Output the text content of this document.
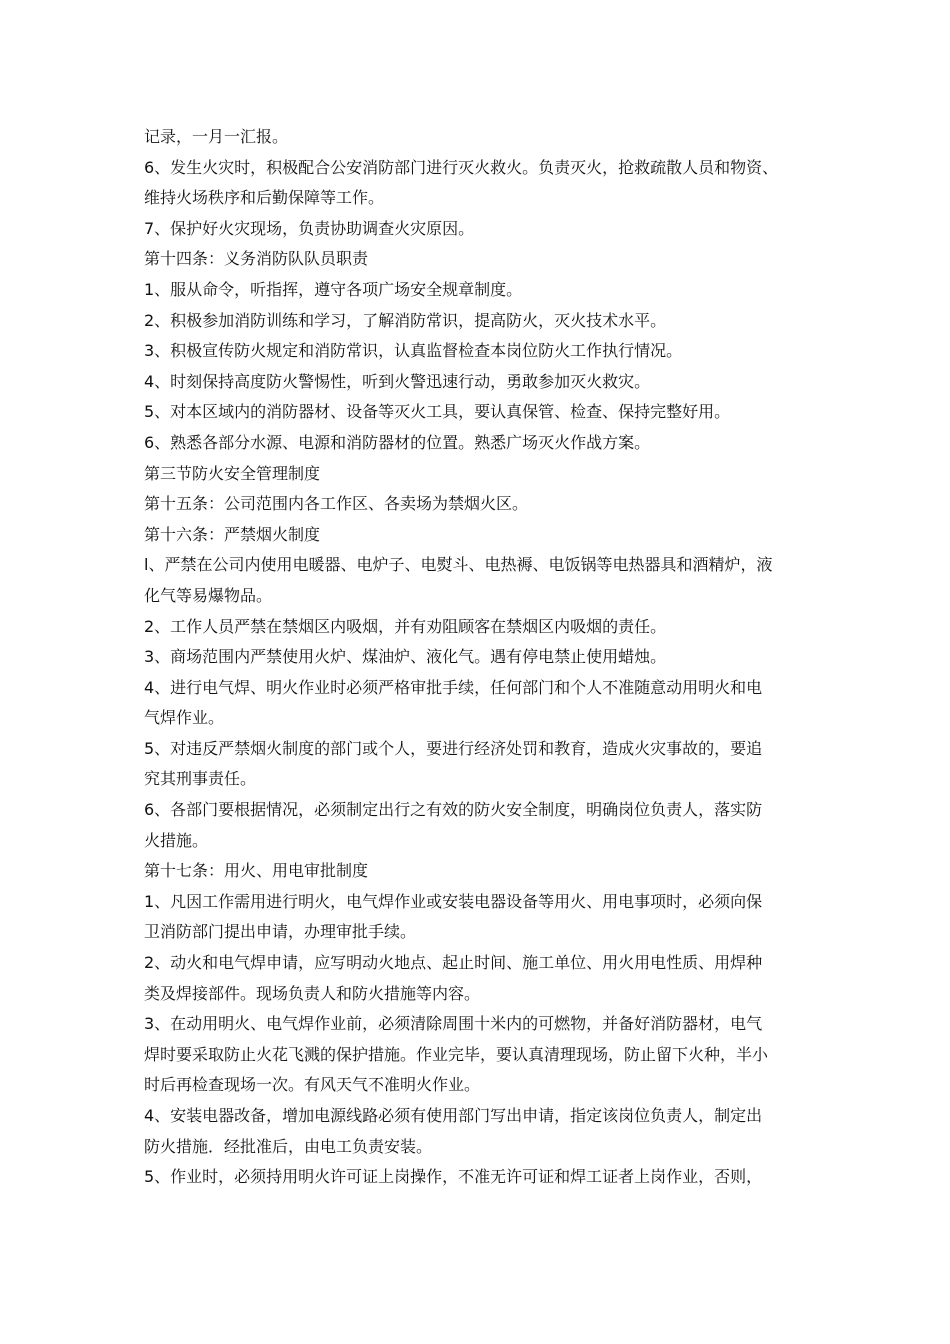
记录，一月一汇报。
6、发生火灾时，积极配合公安消防部门进行灭火救火。负责灭火，抢救疏散人员和物资、
维持火场秩序和后勤保障等工作。
7、保护好火灾现场，负责协助调查火灾原因。
第十四条：义务消防队队员职责
1、服从命令，听指挥，遵守各项广场安全规章制度。
2、积极参加消防训练和学习，了解消防常识，提高防火，灭火技术水平。
3、积极宣传防火规定和消防常识，认真监督检查本岗位防火工作执行情况。
4、时刻保持高度防火警惕性，听到火警迅速行动，勇敢参加灭火救灾。
5、对本区域内的消防器材、设备等灭火工具，要认真保管、检查、保持完整好用。
6、熟悉各部分水源、电源和消防器材的位置。熟悉广场灭火作战方案。
第三节防火安全管理制度
第十五条：公司范围内各工作区、各卖场为禁烟火区。
第十六条：严禁烟火制度
l、严禁在公司内使用电暖器、电炉子、电熨斗、电热褥、电饭锅等电热器具和酒精炉，液
化气等易爆物品。
2、工作人员严禁在禁烟区内吸烟，并有劝阻顾客在禁烟区内吸烟的责任。
3、商场范围内严禁使用火炉、煤油炉、液化气。遇有停电禁止使用蜡烛。
4、进行电气焊、明火作业时必须严格审批手续，任何部门和个人不准随意动用明火和电
气焊作业。
5、对违反严禁烟火制度的部门或个人，要进行经济处罚和教育，造成火灾事故的，要追
究其刑事责任。
6、各部门要根据情况，必须制定出行之有效的防火安全制度，明确岗位负责人，落实防
火措施。
第十七条：用火、用电审批制度
1、凡因工作需用进行明火，电气焊作业或安装电器设备等用火、用电事项时，必须向保
卫消防部门提出申请，办理审批手续。
2、动火和电气焊申请，应写明动火地点、起止时间、施工单位、用火用电性质、用焊种
类及焊接部件。现场负责人和防火措施等内容。
3、在动用明火、电气焊作业前，必须清除周围十米内的可燃物，并备好消防器材，电气
焊时要采取防止火花飞溅的保护措施。作业完毕，要认真清理现场，防止留下火种，半小
时后再检查现场一次。有风天气不准明火作业。
4、安装电器改备，增加电源线路必须有使用部门写出申请，指定该岗位负责人，制定出
防火措施．经批准后，由电工负责安装。
5、作业时，必须持用明火许可证上岗操作，不准无许可证和焊工证者上岗作业，否则，
